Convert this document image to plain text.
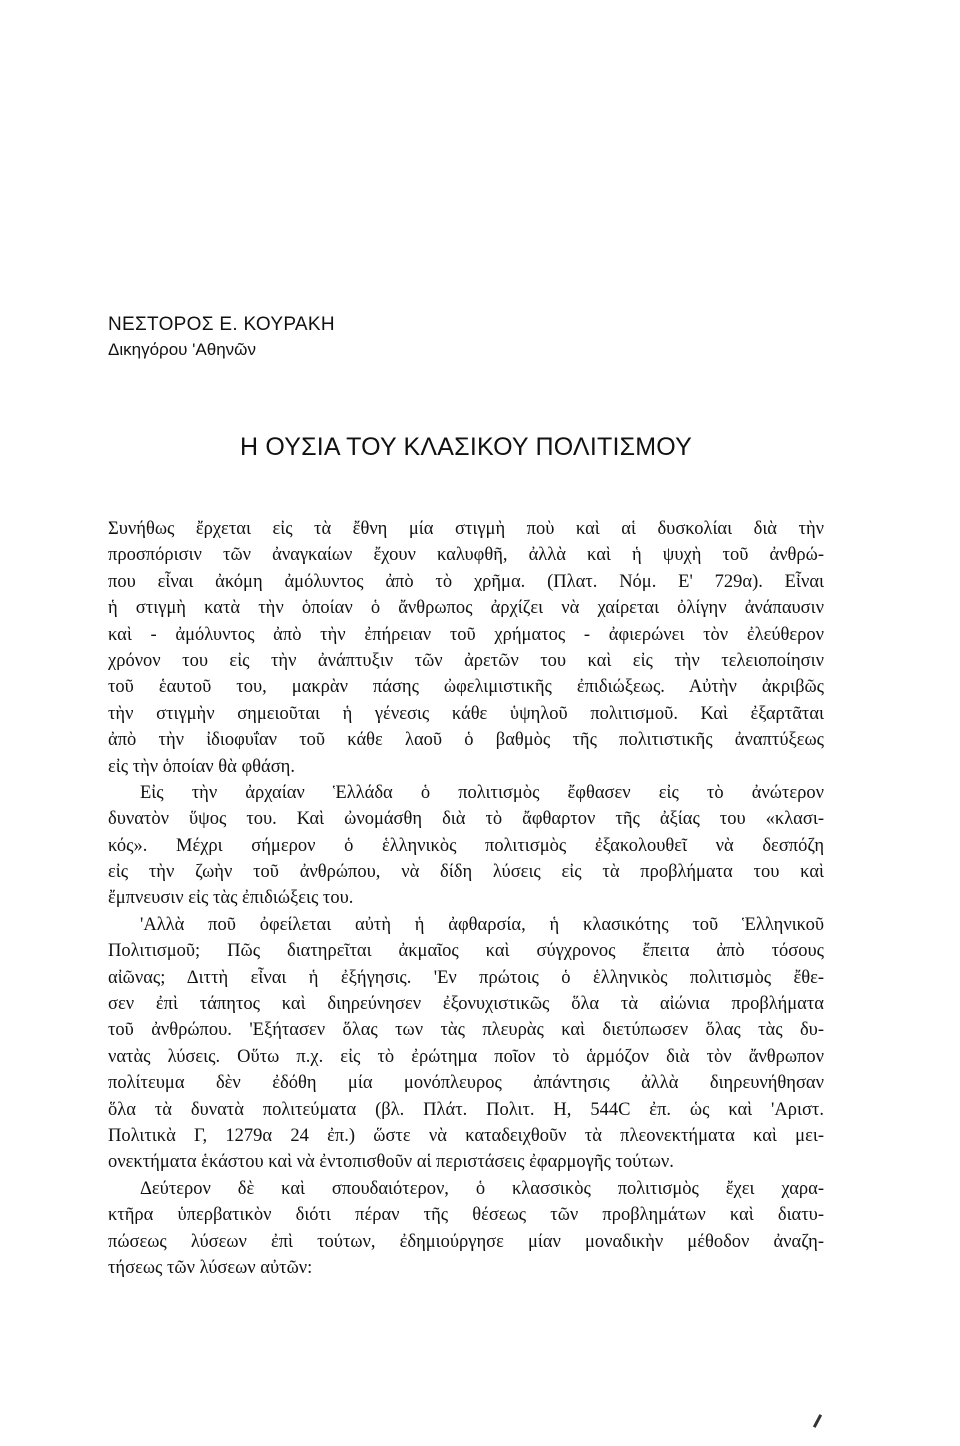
ΝΕΣΤΟΡΟΣ Ε. ΚΟΥΡΑΚΗ
Δικηγόρου 'Αθηνῶν
Η ΟΥΣΙΑ ΤΟΥ ΚΛΑΣΙΚΟΥ ΠΟΛΙΤΙΣΜΟΥ
Συνήθως ἔρχεται εἰς τὰ ἔθνη μία στιγμὴ ποὺ καὶ αἱ δυσκολίαι διὰ τὴν
προσπόρισιν τῶν ἀναγκαίων ἔχουν καλυφθῆ, ἀλλὰ καὶ ἡ ψυχὴ τοῦ ἀνθρώ-
που εἶναι ἀκόμη ἀμόλυντος ἀπὸ τὸ χρῆμα. (Πλατ. Νόμ. Ε' 729α). Εἶναι
ἡ στιγμὴ κατὰ τὴν ὁποίαν ὁ ἄνθρωπος ἀρχίζει νὰ χαίρεται ὀλίγην ἀνάπαυσιν
καὶ - ἀμόλυντος ἀπὸ τὴν ἐπήρειαν τοῦ χρήματος - ἀφιερώνει τὸν ἐλεύθερον
χρόνον του εἰς τὴν ἀνάπτυξιν τῶν ἀρετῶν του καὶ εἰς τὴν τελειοποίησιν
τοῦ ἑαυτοῦ του, μακρὰν πάσης ὠφελιμιστικῆς ἐπιδιώξεως. Αὐτὴν ἀκριβῶς
τὴν στιγμὴν σημειοῦται ἡ γένεσις κάθε ὑψηλοῦ πολιτισμοῦ. Καὶ ἐξαρτᾶται
ἀπὸ τὴν ἰδιοφυΐαν τοῦ κάθε λαοῦ ὁ βαθμὸς τῆς πολιτιστικῆς ἀναπτύξεως
εἰς τὴν ὁποίαν θὰ φθάση.
Εἰς τὴν ἀρχαίαν Ἑλλάδα ὁ πολιτισμὸς ἔφθασεν εἰς τὸ ἀνώτερον
δυνατὸν ὕψος του. Καὶ ὠνομάσθη διὰ τὸ ἄφθαρτον τῆς ἀξίας του «κλασι-
κός». Μέχρι σήμερον ὁ ἑλληνικὸς πολιτισμὸς ἐξακολουθεῖ νὰ δεσπόζη
εἰς τὴν ζωὴν τοῦ ἀνθρώπου, νὰ δίδη λύσεις εἰς τὰ προβλήματα του καὶ
ἔμπνευσιν εἰς τὰς ἐπιδιώξεις του.
'Αλλὰ ποῦ ὀφείλεται αὐτὴ ἡ ἀφθαρσία, ἡ κλασικότης τοῦ Ἑλληνικοῦ
Πολιτισμοῦ; Πῶς διατηρεῖται ἀκμαῖος καὶ σύγχρονος ἔπειτα ἀπὸ τόσους
αἰῶνας; Διττὴ εἶναι ἡ ἐξήγησις. 'Εν πρώτοις ὁ ἑλληνικὸς πολιτισμὸς ἔθε-
σεν ἐπὶ τάπητος καὶ διηρεύνησεν ἐξονυχιστικῶς ὅλα τὰ αἰώνια προβλήματα
τοῦ ἀνθρώπου. 'Εξήτασεν ὅλας των τὰς πλευρὰς καὶ διετύπωσεν ὅλας τὰς δυ-
νατὰς λύσεις. Οὕτω π.χ. εἰς τὸ ἐρώτημα ποῖον τὸ ἁρμόζον διὰ τὸν ἄνθρωπον
πολίτευμα δὲν ἐδόθη μία μονόπλευρος ἀπάντησις ἀλλὰ διηρευνήθησαν
ὅλα τὰ δυνατὰ πολιτεύματα (βλ. Πλάτ. Πολιτ. Η, 544C ἐπ. ὡς καὶ 'Αριστ.
Πολιτικὰ Γ, 1279α 24 ἐπ.) ὥστε νὰ καταδειχθοῦν τὰ πλεονεκτήματα καὶ μει-
ονεκτήματα ἑκάστου καὶ νὰ ἐντοπισθοῦν αἱ περιστάσεις ἐφαρμογῆς τούτων.
Δεύτερον δὲ καὶ σπουδαιότερον, ὁ κλασσικὸς πολιτισμὸς ἔχει χαρα-
κτῆρα ὑπερβατικὸν διότι πέραν τῆς θέσεως τῶν προβλημάτων καὶ διατυ-
πώσεως λύσεων ἐπὶ τούτων, ἐδημιούργησε μίαν μοναδικὴν μέθοδον ἀναζη-
τήσεως τῶν λύσεων αὐτῶν:
